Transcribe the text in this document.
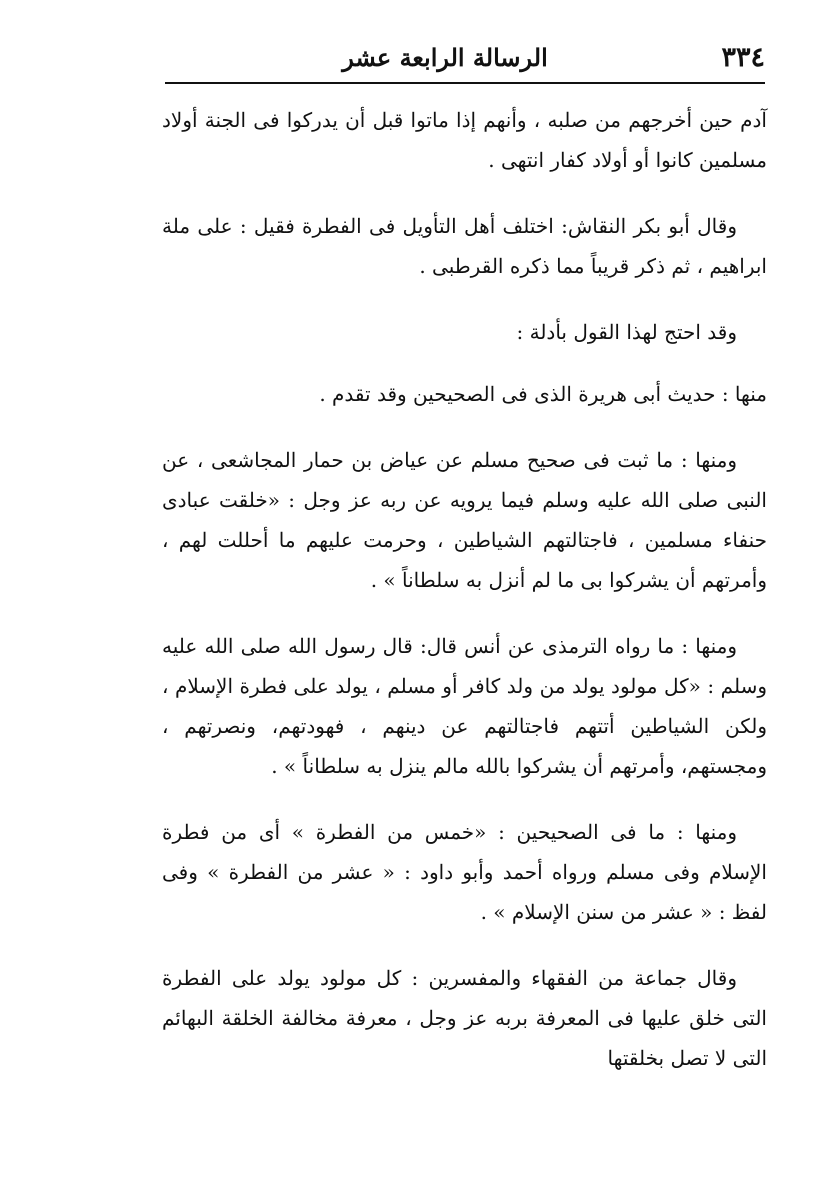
٣٣٤
الرسالة الرابعة عشر

آدم حين أخرجهم من صلبه ، وأنهم إذا ماتوا قبل أن يدركوا فى الجنة أولاد مسلمين كانوا أو أولاد كفار انتهى .

وقال أبو بكر النقاش: اختلف أهل التأويل فى الفطرة فقيل : على ملة ابراهيم ، ثم ذكر قريباً مما ذكره القرطبى .

وقد احتج لهذا القول بأدلة :

منها : حديث أبى هريرة الذى فى الصحيحين وقد تقدم .

ومنها : ما ثبت فى صحيح مسلم عن عياض بن حمار المجاشعى ، عن النبى صلى الله عليه وسلم فيما يرويه عن ربه عز وجل : «خلقت عبادى حنفاء مسلمين ، فاجتالتهم الشياطين ، وحرمت عليهم ما أحللت لهم ، وأمرتهم أن يشركوا بى ما لم أنزل به سلطاناً » .

ومنها : ما رواه الترمذى عن أنس قال: قال رسول الله صلى الله عليه وسلم : «كل مولود يولد من ولد كافر أو مسلم ، يولد على فطرة الإسلام ، ولكن الشياطين أتتهم فاجتالتهم عن دينهم ، فهودتهم، ونصرتهم ، ومجستهم، وأمرتهم أن يشركوا بالله مالم ينزل به سلطاناً » .

ومنها : ما فى الصحيحين : «خمس من الفطرة » أى من فطرة الإسلام وفى مسلم ورواه أحمد وأبو داود : « عشر من الفطرة » وفى لفظ : « عشر من سنن الإسلام » .

وقال جماعة من الفقهاء والمفسرين : كل مولود يولد على الفطرة التى خلق عليها فى المعرفة بربه عز وجل ، معرفة مخالفة الخلقة البهائم التى لا تصل بخلقتها
